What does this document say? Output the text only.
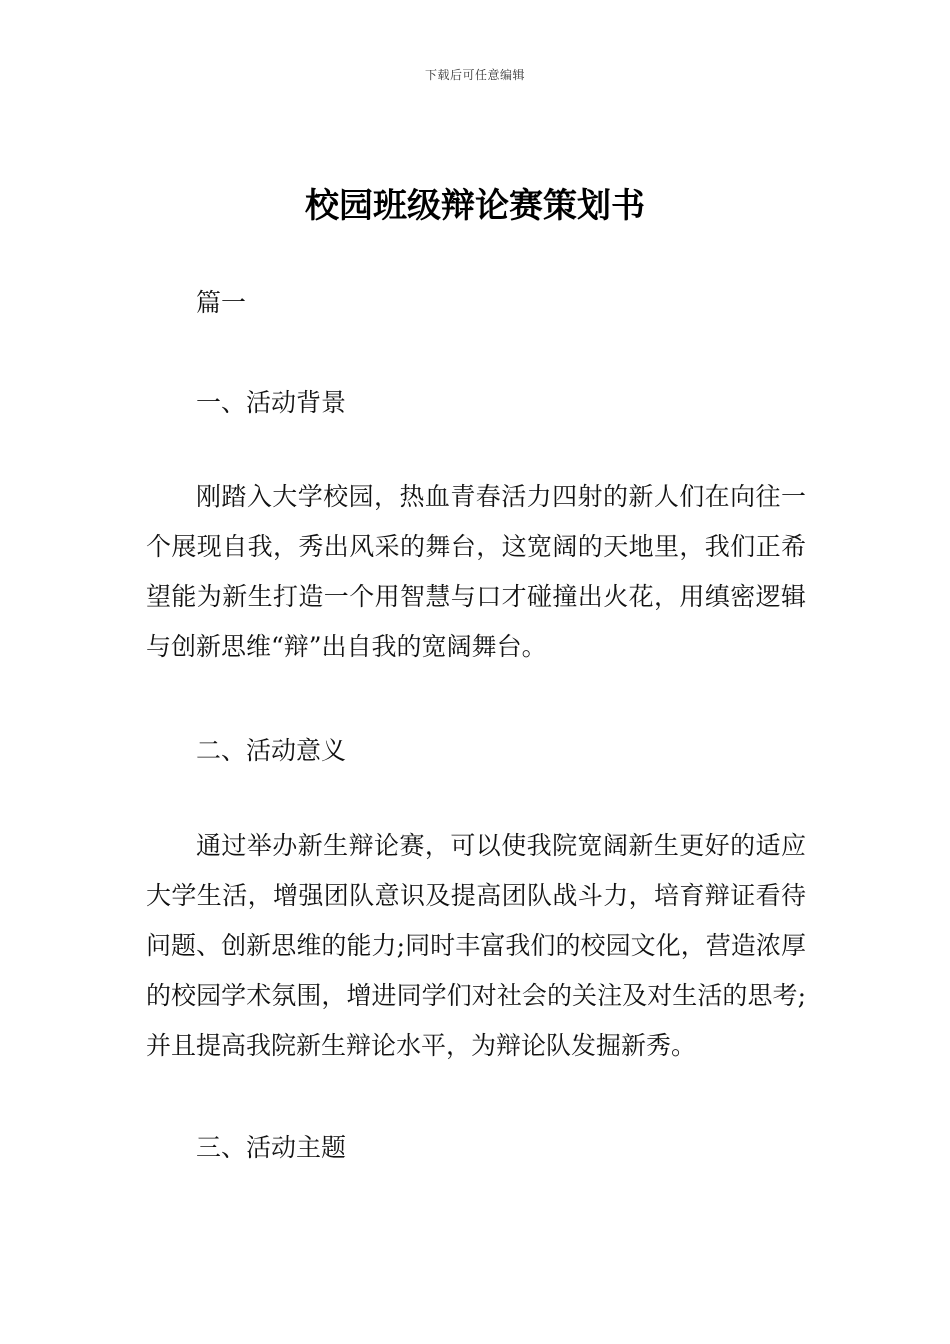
下载后可任意编辑
校园班级辩论赛策划书
篇一
一、活动背景

刚踏入大学校园，热血青春活力四射的新人们在向往一个展现自我，秀出风采的舞台，这宽阔的天地里，我们正希望能为新生打造一个用智慧与口才碰撞出火花，用缜密逻辑与创新思维“辩”出自我的宽阔舞台。

二、活动意义

通过举办新生辩论赛，可以使我院宽阔新生更好的适应大学生活，增强团队意识及提高团队战斗力，培育辩证看待问题、创新思维的能力;同时丰富我们的校园文化，营造浓厚的校园学术氛围，增进同学们对社会的关注及对生活的思考;并且提高我院新生辩论水平，为辩论队发掘新秀。

三、活动主题
